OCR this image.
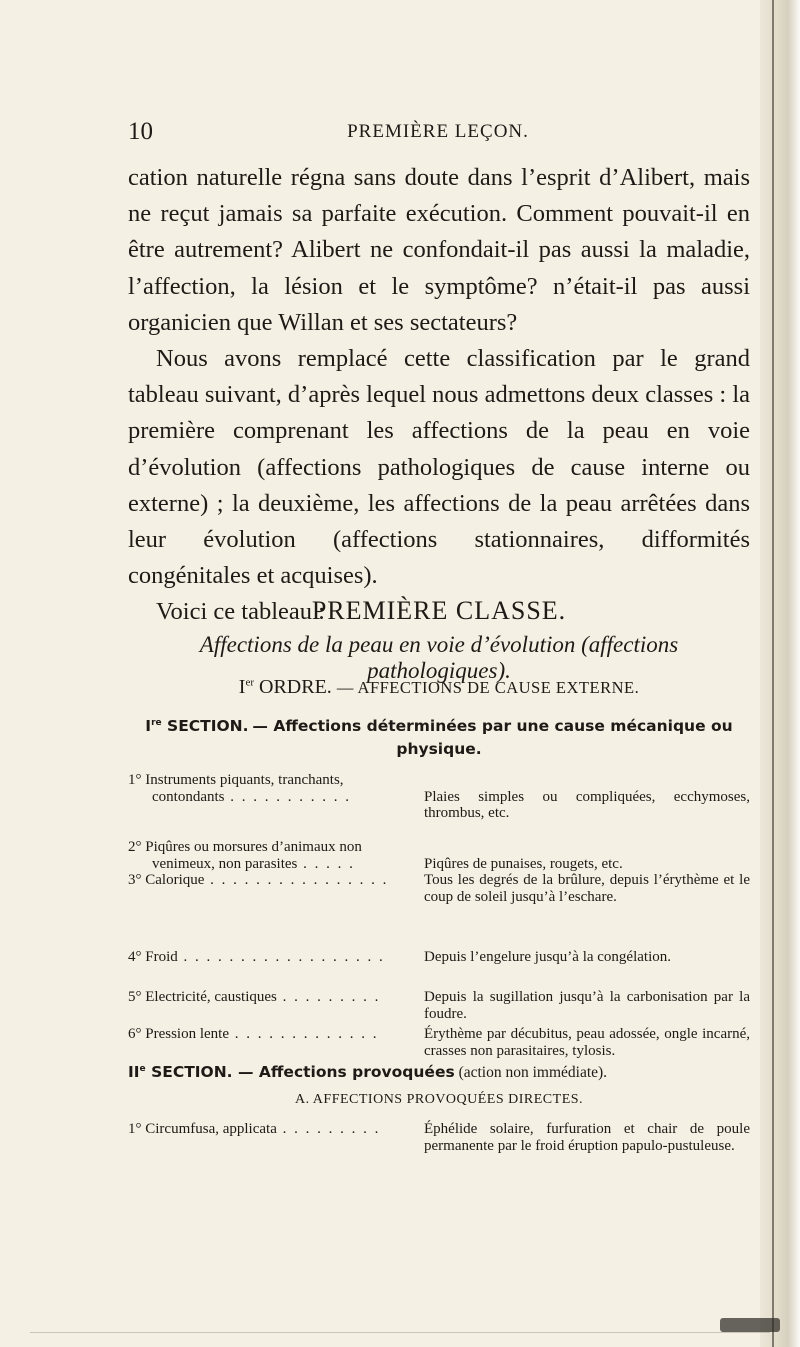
10	PREMIÈRE LEÇON.

cation naturelle régna sans doute dans l’esprit d’Alibert, mais ne reçut jamais sa parfaite exécution. Comment pouvait-il en être autrement? Alibert ne confondait-il pas aussi la maladie, l’affection, la lésion et le symptôme? n’était-il pas aussi organicien que Willan et ses sectateurs?

Nous avons remplacé cette classification par le grand tableau suivant, d’après lequel nous admettons deux classes : la première comprenant les affections de la peau en voie d’évolution (affections pathologiques de cause interne ou externe) ; la deuxième, les affections de la peau arrêtées dans leur évolution (affections stationnaires, difformités congénitales et acquises).

Voici ce tableau :

PREMIÈRE CLASSE.
Affections de la peau en voie d’évolution (affections pathologiques).
Ier ORDRE. — AFFECTIONS DE CAUSE EXTERNE.
Ire SECTION. — Affections déterminées par une cause mécanique ou physique.
1° Instruments piquants, tranchants,
contondants . . . . . . . . . . .	Plaies simples ou compliquées, ecchymoses, thrombus, etc.
2° Piqûres ou morsures d’animaux non
venimeux, non parasites . . . . .	Piqûres de punaises, rougets, etc.
3° Calorique . . . . . . . . . . . . . . . .	Tous les degrés de la brûlure, depuis l’érythème et le coup de soleil jusqu’à l’eschare.
4° Froid . . . . . . . . . . . . . . . . . .	Depuis l’engelure jusqu’à la congélation.
5° Electricité, caustiques . . . . . . . . .	Depuis la sugillation jusqu’à la carbonisation par la foudre.
6° Pression lente . . . . . . . . . . . . .	Érythème par décubitus, peau adossée, ongle incarné, crasses non parasitaires, tylosis.
IIe SECTION. — Affections provoquées (action non immédiate).
A. AFFECTIONS PROVOQUÉES DIRECTES.
1° Circumfusa, applicata . . . . . . . . .	Éphélide solaire, furfuration et chair de poule permanente par le froid éruption papulo-pustuleuse.
